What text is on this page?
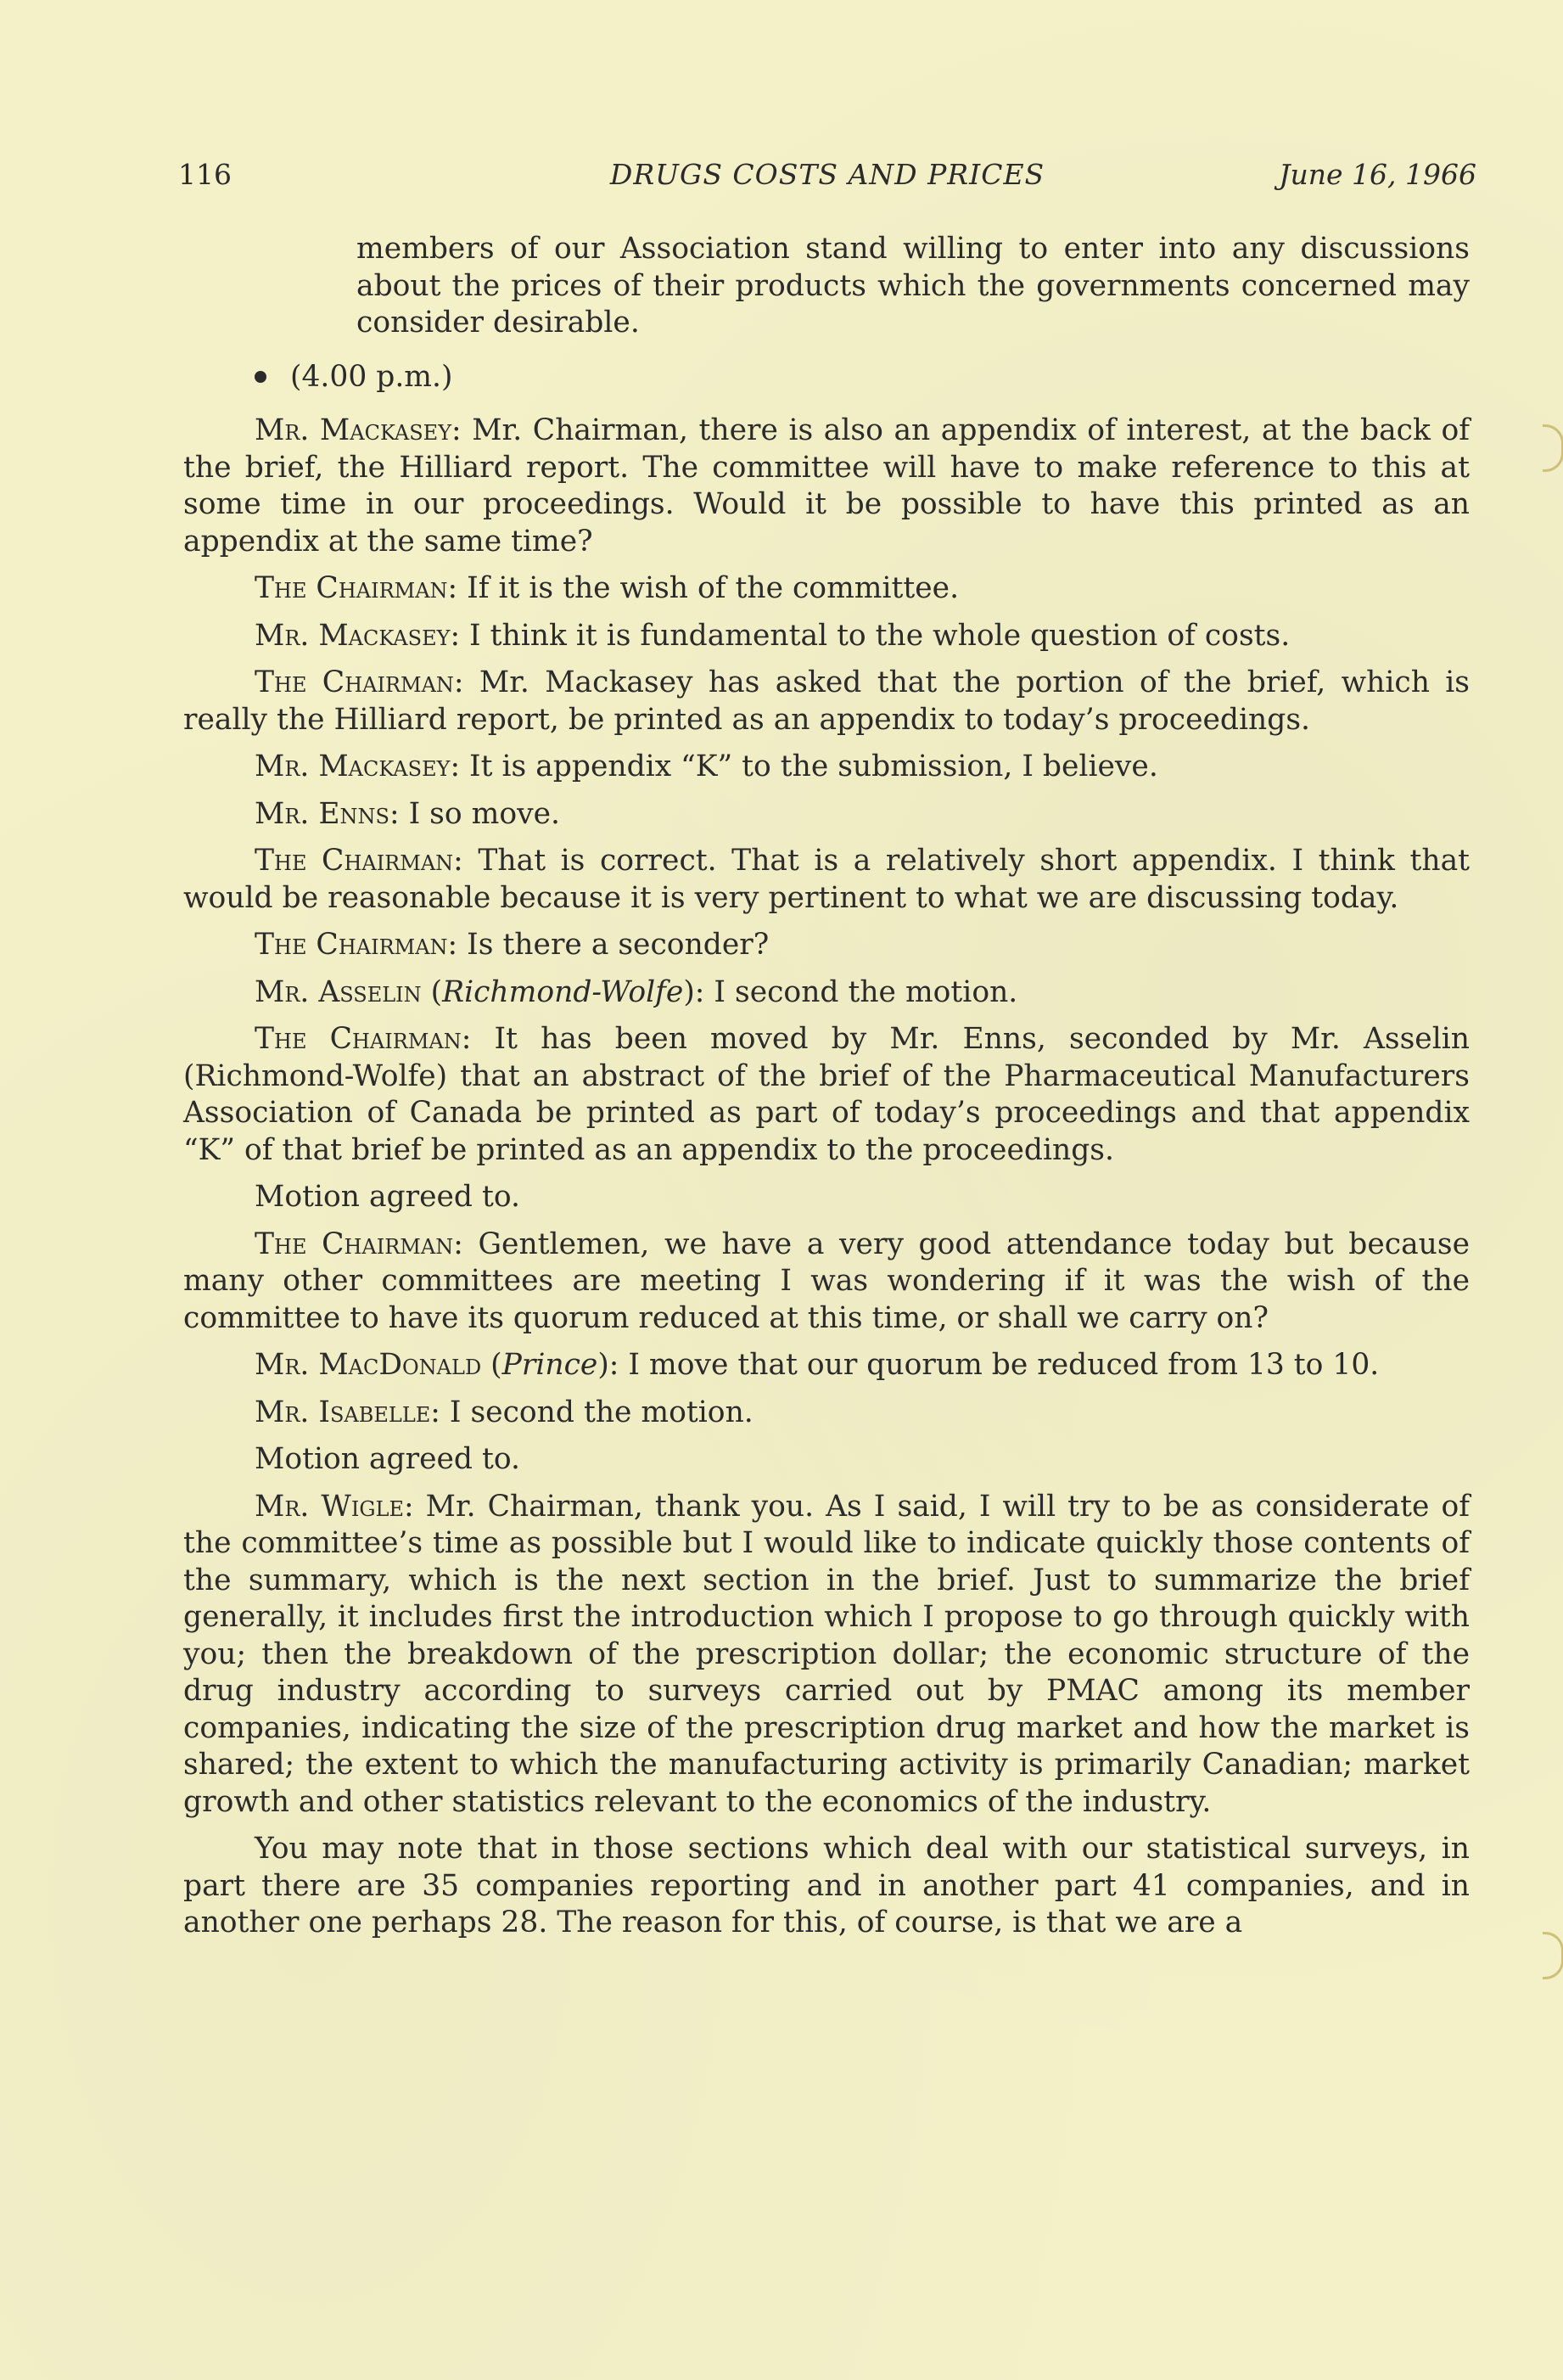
116	DRUGS COSTS AND PRICES	June 16, 1966

members of our Association stand willing to enter into any discussions about the prices of their products which the governments concerned may consider desirable.

(4.00 p.m.)

Mr. Mackasey: Mr. Chairman, there is also an appendix of interest, at the back of the brief, the Hilliard report. The committee will have to make reference to this at some time in our proceedings. Would it be possible to have this printed as an appendix at the same time?

The Chairman: If it is the wish of the committee.

Mr. Mackasey: I think it is fundamental to the whole question of costs.

The Chairman: Mr. Mackasey has asked that the portion of the brief, which is really the Hilliard report, be printed as an appendix to today’s proceedings.

Mr. Mackasey: It is appendix “K” to the submission, I believe.

Mr. Enns: I so move.

The Chairman: That is correct. That is a relatively short appendix. I think that would be reasonable because it is very pertinent to what we are discussing today.

The Chairman: Is there a seconder?

Mr. Asselin (Richmond-Wolfe): I second the motion.

The Chairman: It has been moved by Mr. Enns, seconded by Mr. Asselin (Richmond-Wolfe) that an abstract of the brief of the Pharmaceutical Manufacturers Association of Canada be printed as part of today’s proceedings and that appendix “K” of that brief be printed as an appendix to the proceedings.

Motion agreed to.

The Chairman: Gentlemen, we have a very good attendance today but because many other committees are meeting I was wondering if it was the wish of the committee to have its quorum reduced at this time, or shall we carry on?

Mr. MacDonald (Prince): I move that our quorum be reduced from 13 to 10.

Mr. Isabelle: I second the motion.

Motion agreed to.

Mr. Wigle: Mr. Chairman, thank you. As I said, I will try to be as considerate of the committee’s time as possible but I would like to indicate quickly those contents of the summary, which is the next section in the brief. Just to summarize the brief generally, it includes first the introduction which I propose to go through quickly with you; then the breakdown of the prescription dollar; the economic structure of the drug industry according to surveys carried out by PMAC among its member companies, indicating the size of the prescription drug market and how the market is shared; the extent to which the manufacturing activity is primarily Canadian; market growth and other statistics relevant to the economics of the industry.

You may note that in those sections which deal with our statistical surveys, in part there are 35 companies reporting and in another part 41 companies, and in another one perhaps 28. The reason for this, of course, is that we are a
